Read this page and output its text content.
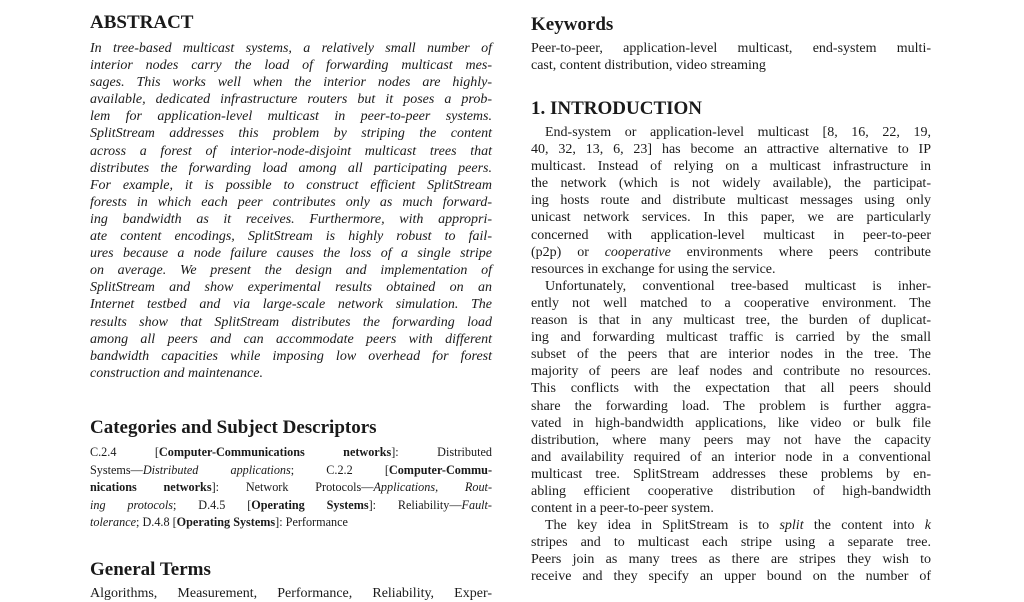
ABSTRACT
In tree-based multicast systems, a relatively small number of
interior nodes carry the load of forwarding multicast mes-
sages. This works well when the interior nodes are highly-
available, dedicated infrastructure routers but it poses a prob-
lem for application-level multicast in peer-to-peer systems.
SplitStream addresses this problem by striping the content
across a forest of interior-node-disjoint multicast trees that
distributes the forwarding load among all participating peers.
For example, it is possible to construct efficient SplitStream
forests in which each peer contributes only as much forward-
ing bandwidth as it receives. Furthermore, with appropri-
ate content encodings, SplitStream is highly robust to fail-
ures because a node failure causes the loss of a single stripe
on average. We present the design and implementation of
SplitStream and show experimental results obtained on an
Internet testbed and via large-scale network simulation. The
results show that SplitStream distributes the forwarding load
among all peers and can accommodate peers with different
bandwidth capacities while imposing low overhead for forest
construction and maintenance.
Categories and Subject Descriptors
C.2.4 [Computer-Communications networks]: Distributed
Systems—Distributed applications; C.2.2 [Computer-Commu-
nications networks]: Network Protocols—Applications, Rout-
ing protocols; D.4.5 [Operating Systems]: Reliability—Fault-
tolerance; D.4.8 [Operating Systems]: Performance
General Terms
Algorithms, Measurement, Performance, Reliability, Exper-
Keywords
Peer-to-peer, application-level multicast, end-system multi-
cast, content distribution, video streaming
1. INTRODUCTION
End-system or application-level multicast [8, 16, 22, 19,
40, 32, 13, 6, 23] has become an attractive alternative to IP
multicast. Instead of relying on a multicast infrastructure in
the network (which is not widely available), the participat-
ing hosts route and distribute multicast messages using only
unicast network services. In this paper, we are particularly
concerned with application-level multicast in peer-to-peer
(p2p) or cooperative environments where peers contribute
resources in exchange for using the service.
Unfortunately, conventional tree-based multicast is inher-
ently not well matched to a cooperative environment. The
reason is that in any multicast tree, the burden of duplicat-
ing and forwarding multicast traffic is carried by the small
subset of the peers that are interior nodes in the tree. The
majority of peers are leaf nodes and contribute no resources.
This conflicts with the expectation that all peers should
share the forwarding load. The problem is further aggra-
vated in high-bandwidth applications, like video or bulk file
distribution, where many peers may not have the capacity
and availability required of an interior node in a conventional
multicast tree. SplitStream addresses these problems by en-
abling efficient cooperative distribution of high-bandwidth
content in a peer-to-peer system.
The key idea in SplitStream is to split the content into k
stripes and to multicast each stripe using a separate tree.
Peers join as many trees as there are stripes they wish to
receive and they specify an upper bound on the number of
